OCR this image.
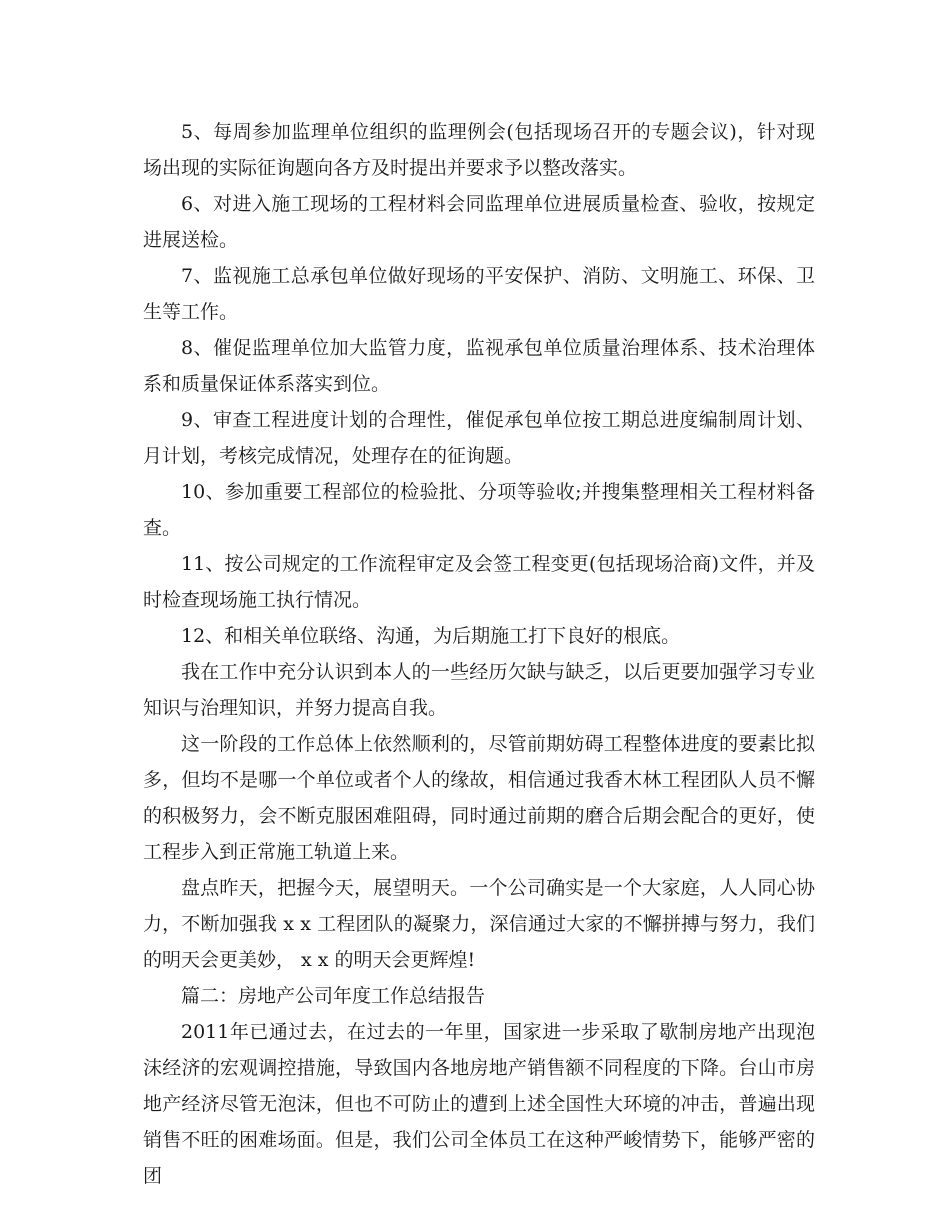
5、每周参加监理单位组织的监理例会(包括现场召开的专题会议)，针对现场出现的实际征询题向各方及时提出并要求予以整改落实。

6、对进入施工现场的工程材料会同监理单位进展质量检查、验收，按规定进展送检。

7、监视施工总承包单位做好现场的平安保护、消防、文明施工、环保、卫生等工作。

8、催促监理单位加大监管力度，监视承包单位质量治理体系、技术治理体系和质量保证体系落实到位。

9、审查工程进度计划的合理性，催促承包单位按工期总进度编制周计划、月计划，考核完成情况，处理存在的征询题。

10、参加重要工程部位的检验批、分项等验收;并搜集整理相关工程材料备查。

11、按公司规定的工作流程审定及会签工程变更(包括现场洽商)文件，并及时检查现场施工执行情况。

12、和相关单位联络、沟通，为后期施工打下良好的根底。

我在工作中充分认识到本人的一些经历欠缺与缺乏，以后更要加强学习专业知识与治理知识，并努力提高自我。

这一阶段的工作总体上依然顺利的，尽管前期妨碍工程整体进度的要素比拟多，但均不是哪一个单位或者个人的缘故，相信通过我香木林工程团队人员不懈的积极努力，会不断克服困难阻碍，同时通过前期的磨合后期会配合的更好，使工程步入到正常施工轨道上来。

盘点昨天，把握今天，展望明天。一个公司确实是一个大家庭，人人同心协力，不断加强我 x x 工程团队的凝聚力，深信通过大家的不懈拼搏与努力，我们的明天会更美妙， x x 的明天会更辉煌!

篇二：房地产公司年度工作总结报告

2011年已通过去，在过去的一年里，国家进一步采取了歇制房地产出现泡沫经济的宏观调控措施，导致国内各地房地产销售额不同程度的下降。台山市房地产经济尽管无泡沫，但也不可防止的遭到上述全国性大环境的冲击，普遍出现销售不旺的困难场面。但是，我们公司全体员工在这种严峻情势下，能够严密的团
